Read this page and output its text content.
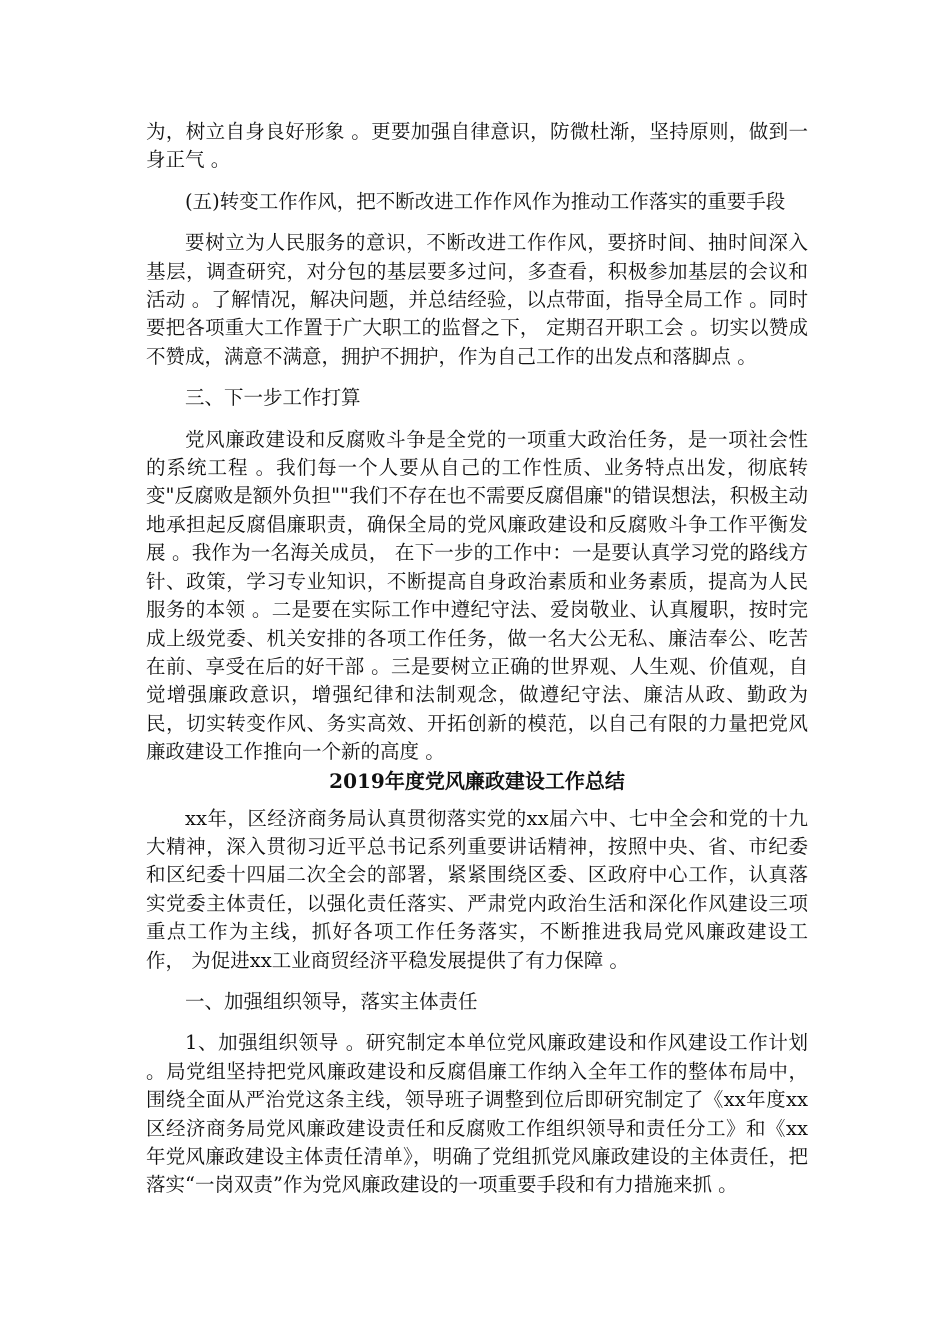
为，树立自身良好形象 。更要加强自律意识，防微杜渐，坚持原则，做到一身正气 。

(五)转变工作作风，把不断改进工作作风作为推动工作落实的重要手段

要树立为人民服务的意识，不断改进工作作风，要挤时间、抽时间深入基层，调查研究，对分包的基层要多过问，多查看，积极参加基层的会议和活动 。了解情况，解决问题，并总结经验，以点带面，指导全局工作 。同时要把各项重大工作置于广大职工的监督之下， 定期召开职工会 。切实以赞成不赞成，满意不满意，拥护不拥护，作为自己工作的出发点和落脚点 。

三、下一步工作打算

党风廉政建设和反腐败斗争是全党的一项重大政治任务，是一项社会性的系统工程 。我们每一个人要从自己的工作性质、业务特点出发，彻底转变"反腐败是额外负担""我们不存在也不需要反腐倡廉"的错误想法，积极主动地承担起反腐倡廉职责，确保全局的党风廉政建设和反腐败斗争工作平衡发展 。我作为一名海关成员， 在下一步的工作中：一是要认真学习党的路线方针、政策，学习专业知识，不断提高自身政治素质和业务素质，提高为人民服务的本领 。二是要在实际工作中遵纪守法、爱岗敬业、认真履职，按时完成上级党委、机关安排的各项工作任务，做一名大公无私、廉洁奉公、吃苦在前、享受在后的好干部 。三是要树立正确的世界观、人生观、价值观，自觉增强廉政意识，增强纪律和法制观念，做遵纪守法、廉洁从政、勤政为民，切实转变作风、务实高效、开拓创新的模范，以自己有限的力量把党风廉政建设工作推向一个新的高度 。

2019年度党风廉政建设工作总结

xx年，区经济商务局认真贯彻落实党的xx届六中、七中全会和党的十九大精神，深入贯彻习近平总书记系列重要讲话精神，按照中央、省、市纪委和区纪委十四届二次全会的部署，紧紧围绕区委、区政府中心工作，认真落实党委主体责任，以强化责任落实、严肃党内政治生活和深化作风建设三项重点工作为主线，抓好各项工作任务落实，不断推进我局党风廉政建设工作， 为促进xx工业商贸经济平稳发展提供了有力保障 。

一、加强组织领导，落实主体责任

1、加强组织领导 。研究制定本单位党风廉政建设和作风建设工作计划 。局党组坚持把党风廉政建设和反腐倡廉工作纳入全年工作的整体布局中，围绕全面从严治党这条主线，领导班子调整到位后即研究制定了《xx年度xx区经济商务局党风廉政建设责任和反腐败工作组织领导和责任分工》和《xx年党风廉政建设主体责任清单》，明确了党组抓党风廉政建设的主体责任，把落实“一岗双责”作为党风廉政建设的一项重要手段和有力措施来抓 。
